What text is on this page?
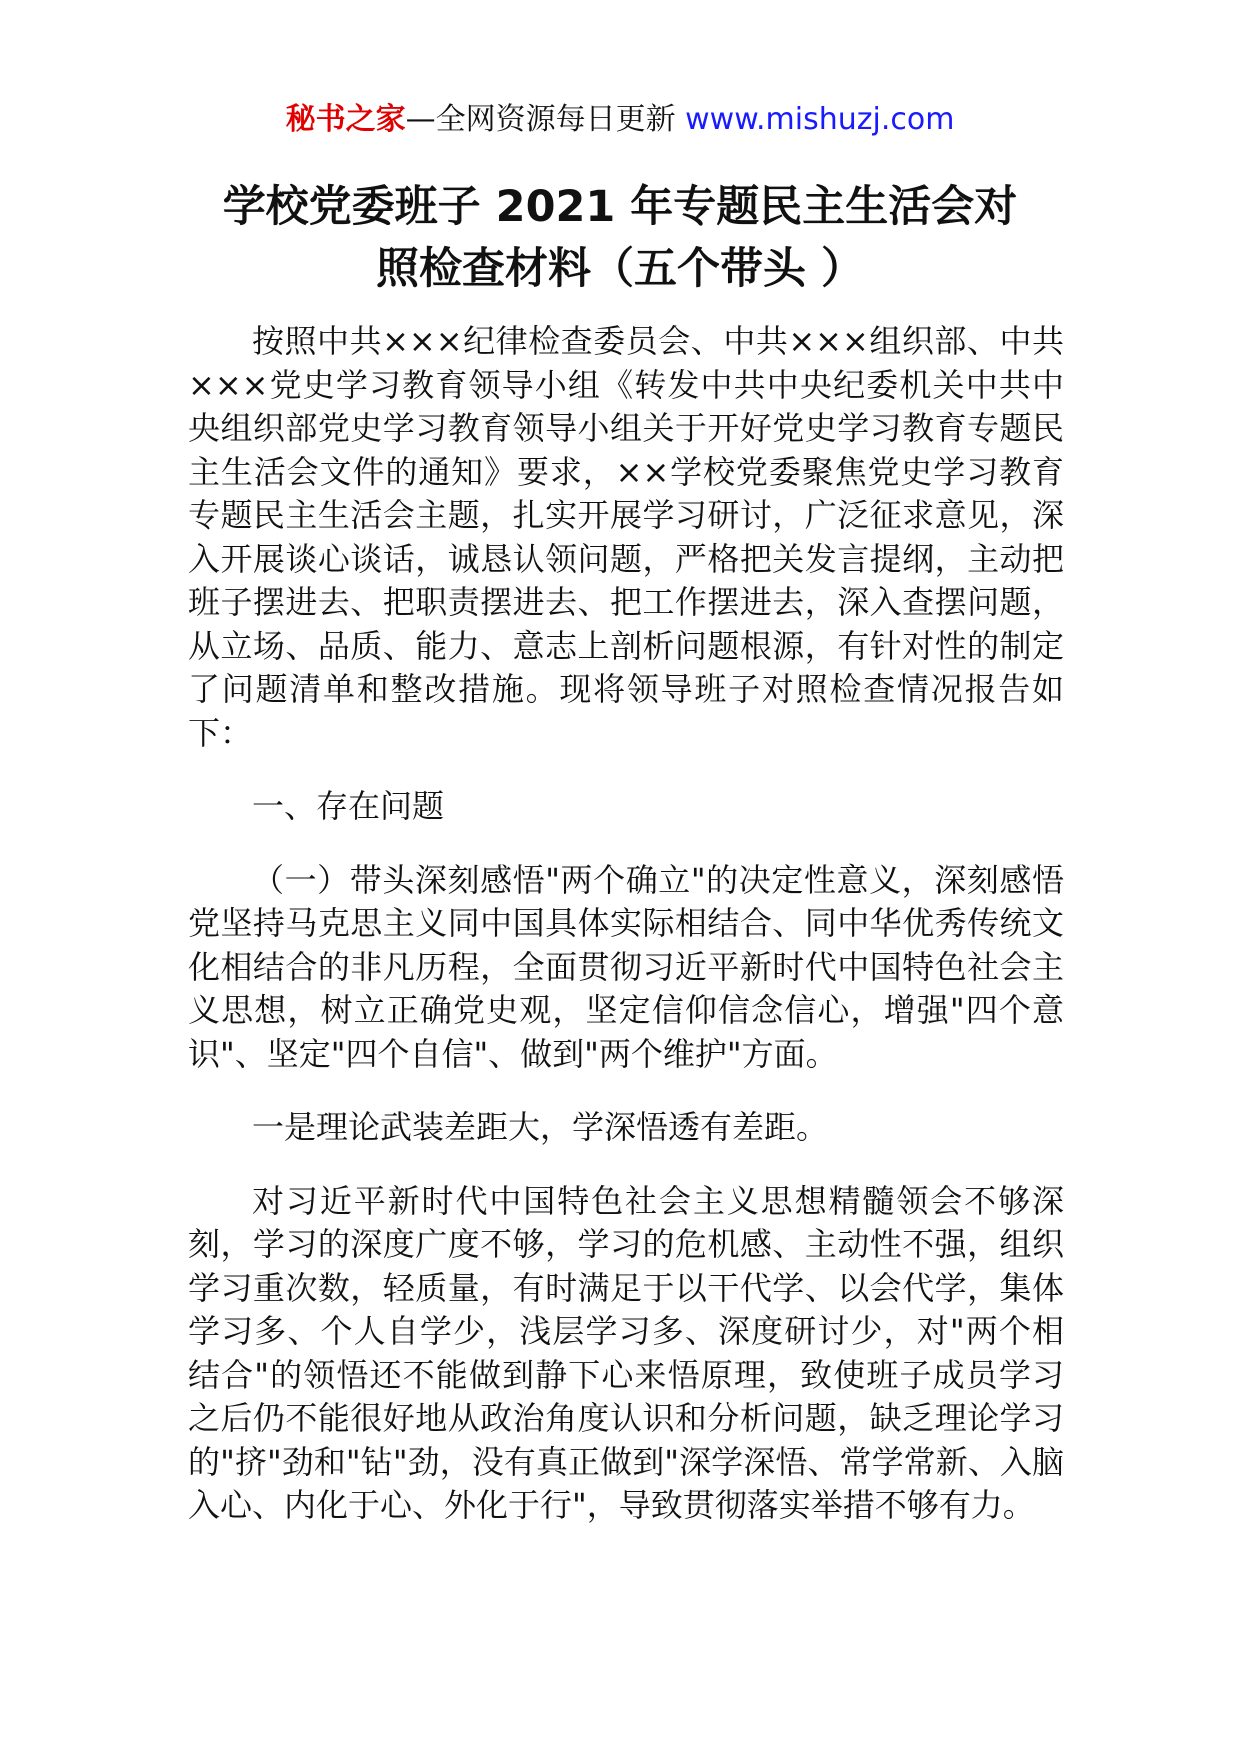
秘书之家—全网资源每日更新 www.mishuzj.com
学校党委班子 2021 年专题民主生活会对
照检查材料（五个带头 ）

按照中共×××纪律检查委员会、中共×××组织部、中共×××党史学习教育领导小组《转发中共中央纪委机关中共中央组织部党史学习教育领导小组关于开好党史学习教育专题民主生活会文件的通知》要求，××学校党委聚焦党史学习教育专题民主生活会主题，扎实开展学习研讨，广泛征求意见，深入开展谈心谈话，诚恳认领问题，严格把关发言提纲，主动把班子摆进去、把职责摆进去、把工作摆进去，深入查摆问题，从立场、品质、能力、意志上剖析问题根源，有针对性的制定了问题清单和整改措施。现将领导班子对照检查情况报告如下：

一、存在问题

（一）带头深刻感悟"两个确立"的决定性意义，深刻感悟党坚持马克思主义同中国具体实际相结合、同中华优秀传统文化相结合的非凡历程，全面贯彻习近平新时代中国特色社会主义思想，树立正确党史观，坚定信仰信念信心，增强"四个意识"、坚定"四个自信"、做到"两个维护"方面。

一是理论武装差距大，学深悟透有差距。

对习近平新时代中国特色社会主义思想精髓领会不够深刻，学习的深度广度不够，学习的危机感、主动性不强，组织学习重次数，轻质量，有时满足于以干代学、以会代学，集体学习多、个人自学少，浅层学习多、深度研讨少，对"两个相结合"的领悟还不能做到静下心来悟原理，致使班子成员学习之后仍不能很好地从政治角度认识和分析问题，缺乏理论学习的"挤"劲和"钻"劲，没有真正做到"深学深悟、常学常新、入脑入心、内化于心、外化于行"，导致贯彻落实举措不够有力。
